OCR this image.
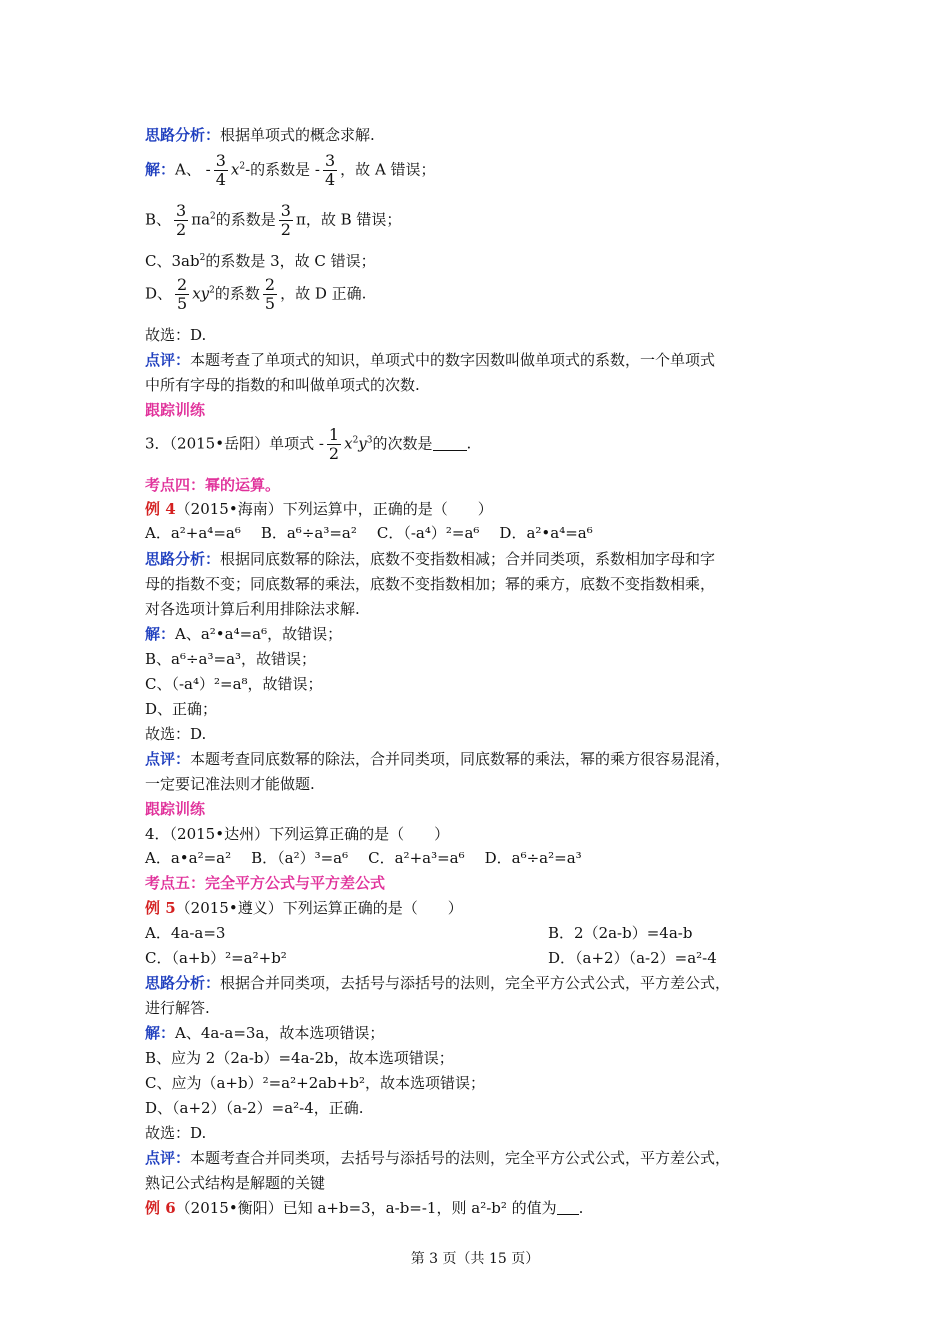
思路分析：根据单项式的概念求解.
解：A、 - $\frac{3}{4} x^2-$的系数是 - $\frac{3}{4}$ ，故 A 错误；
B、 $\frac{3}{2} \pi a^2$的系数是 $\frac{3}{2}$ π，故 B 错误；
C、$3ab^2$的系数是 3，故 C 错误；
D、 $\frac{2}{5} xy^2$的系数 $\frac{2}{5}$ ，故 D 正确.
故选：D.
点评：本题考查了单项式的知识，单项式中的数字因数叫做单项式的系数，一个单项式
中所有字母的指数的和叫做单项式的次数.
跟踪训练
3．（2015•岳阳）单项式 - $\frac{1}{2} x^2y^3$的次数是 .
考点四：幂的运算。
例 4（2015•海南）下列运算中，正确的是（　　）
A．a²+a⁴=a⁶ B．a⁶÷a³=a² C．（-a⁴）²=a⁶ D．a²•a⁴=a⁶
思路分析：根据同底数幂的除法，底数不变指数相减；合并同类项，系数相加字母和字
母的指数不变；同底数幂的乘法，底数不变指数相加；幂的乘方，底数不变指数相乘，
对各选项计算后利用排除法求解.
解：A、a²•a⁴=a⁶，故错误；
B、a⁶÷a³=a³，故错误；
C、（-a⁴）²=a⁸，故错误；
D、正确；
故选：D.
点评：本题考查同底数幂的除法，合并同类项，同底数幂的乘法，幂的乘方很容易混淆，
一定要记准法则才能做题.
跟踪训练
4．（2015•达州）下列运算正确的是（　　）
A．a•a²=a² B．（a²）³=a⁶ C．a²+a³=a⁶ D．a⁶÷a²=a³
考点五：完全平方公式与平方差公式
例 5（2015•遵义）下列运算正确的是（　　）
A．4a-a=3	B．2（2a-b）=4a-b
C．（a+b）²=a²+b²	D．（a+2）（a-2）=a²-4
思路分析：根据合并同类项，去括号与添括号的法则，完全平方公式公式，平方差公式，
进行解答.
解：A、4a-a=3a，故本选项错误；
B、应为 2（2a-b）=4a-2b，故本选项错误；
C、应为（a+b）²=a²+2ab+b²，故本选项错误；
D、（a+2）（a-2）=a²-4，正确.
故选：D.
点评：本题考查合并同类项，去括号与添括号的法则，完全平方公式公式，平方差公式，
熟记公式结构是解题的关键
例 6（2015•衡阳）已知 a+b=3，a-b=-1，则 a²-b² 的值为 .
第 3 页（共 15 页）
